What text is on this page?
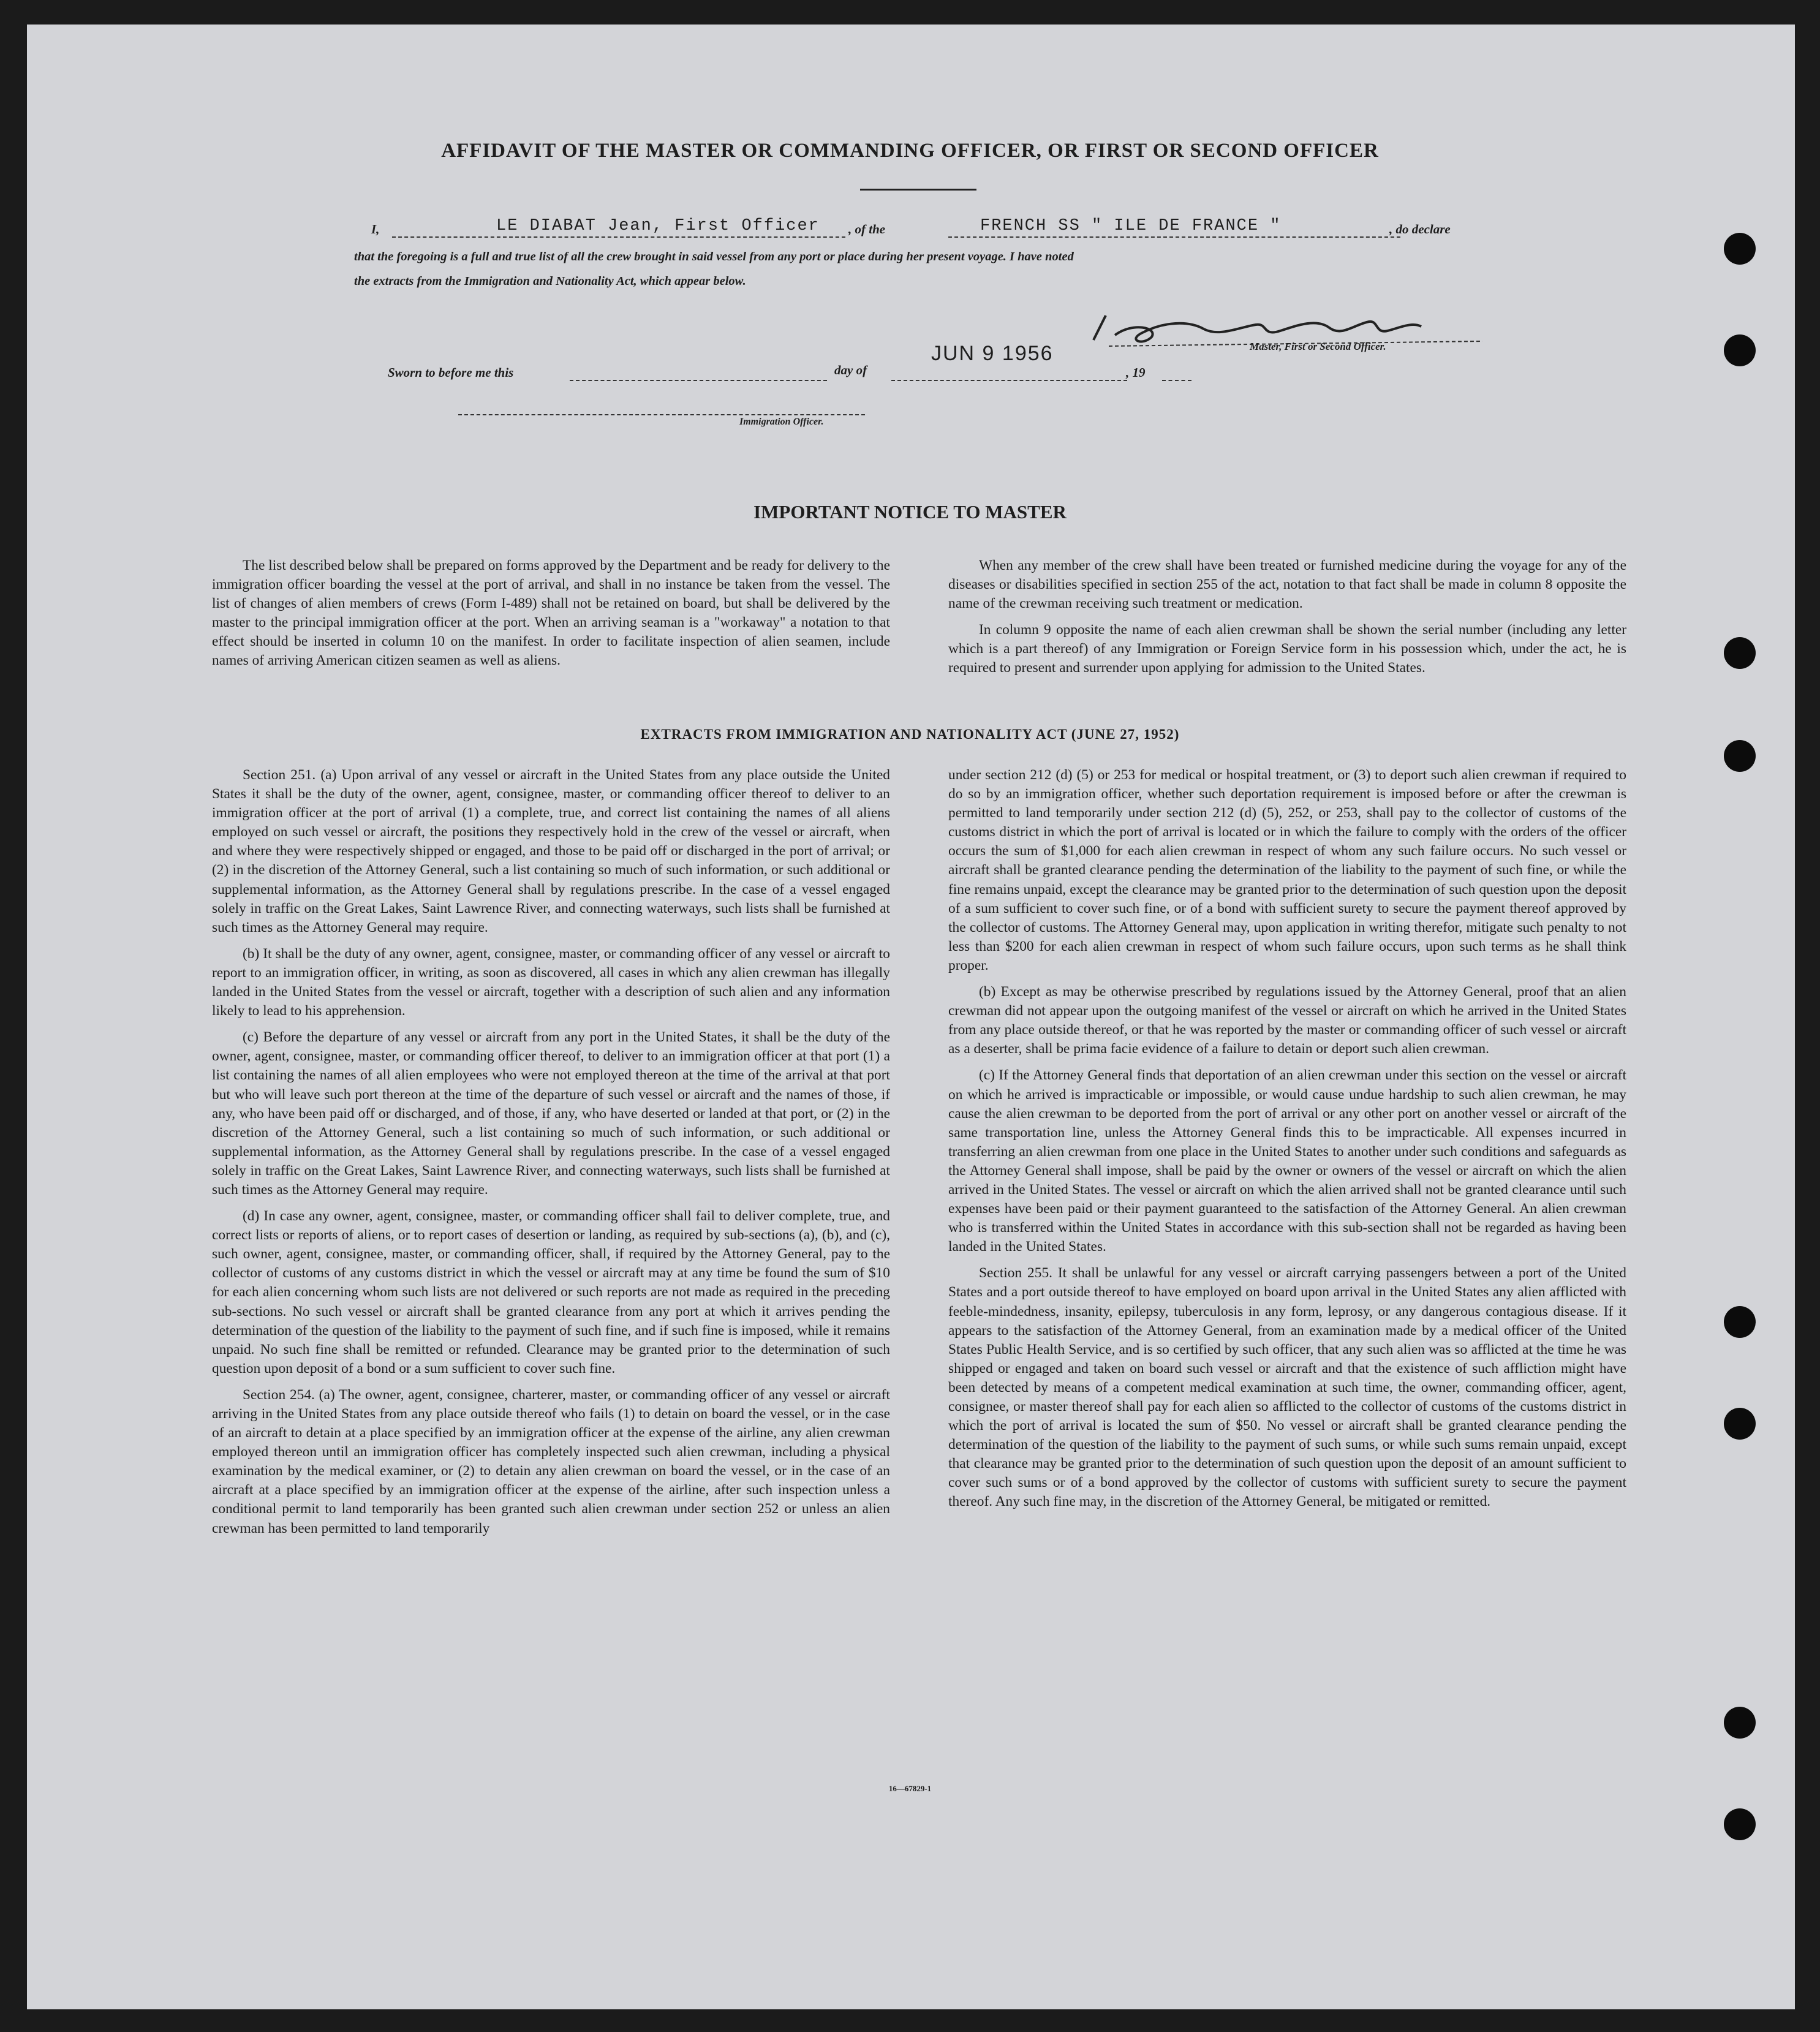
AFFIDAVIT OF THE MASTER OR COMMANDING OFFICER, OR FIRST OR SECOND OFFICER
I,	LE DIABAT Jean, First Officer , of the	FRENCH SS " ILE DE FRANCE "	, do declare
that the foregoing is a full and true list of all the crew brought in said vessel from any port or place during her present voyage. I have noted
the extracts from the Immigration and Nationality Act, which appear below.
Master, First or Second Officer.
Sworn to before me this	day of
JUN 9 1956
, 19
Immigration Officer.
IMPORTANT NOTICE TO MASTER

The list described below shall be prepared on forms approved by the Department and be ready for delivery to the immigration officer boarding the vessel at the port of arrival, and shall in no instance be taken from the vessel. The list of changes of alien members of crews (Form I-489) shall not be retained on board, but shall be delivered by the master to the principal immigration officer at the port. When an arriving seaman is a "workaway" a notation to that effect should be inserted in column 10 on the manifest. In order to facilitate inspection of alien seamen, include names of arriving American citizen seamen as well as aliens.

When any member of the crew shall have been treated or furnished medicine during the voyage for any of the diseases or disabilities specified in section 255 of the act, notation to that fact shall be made in column 8 opposite the name of the crewman receiving such treatment or medication.

In column 9 opposite the name of each alien crewman shall be shown the serial number (including any letter which is a part thereof) of any Immigration or Foreign Service form in his possession which, under the act, he is required to present and surrender upon applying for admission to the United States.

EXTRACTS FROM IMMIGRATION AND NATIONALITY ACT (JUNE 27, 1952)

Section 251. (a) Upon arrival of any vessel or aircraft in the United States from any place outside the United States it shall be the duty of the owner, agent, consignee, master, or commanding officer thereof to deliver to an immigration officer at the port of arrival (1) a complete, true, and correct list containing the names of all aliens employed on such vessel or aircraft, the positions they respectively hold in the crew of the vessel or aircraft, when and where they were respectively shipped or engaged, and those to be paid off or discharged in the port of arrival; or (2) in the discretion of the Attorney General, such a list containing so much of such information, or such additional or supplemental information, as the Attorney General shall by regulations prescribe. In the case of a vessel engaged solely in traffic on the Great Lakes, Saint Lawrence River, and connecting waterways, such lists shall be furnished at such times as the Attorney General may require.

(b) It shall be the duty of any owner, agent, consignee, master, or commanding officer of any vessel or aircraft to report to an immigration officer, in writing, as soon as discovered, all cases in which any alien crewman has illegally landed in the United States from the vessel or aircraft, together with a description of such alien and any information likely to lead to his apprehension.

(c) Before the departure of any vessel or aircraft from any port in the United States, it shall be the duty of the owner, agent, consignee, master, or commanding officer thereof, to deliver to an immigration officer at that port (1) a list containing the names of all alien employees who were not employed thereon at the time of the arrival at that port but who will leave such port thereon at the time of the departure of such vessel or aircraft and the names of those, if any, who have been paid off or discharged, and of those, if any, who have deserted or landed at that port, or (2) in the discretion of the Attorney General, such a list containing so much of such information, or such additional or supplemental information, as the Attorney General shall by regulations prescribe. In the case of a vessel engaged solely in traffic on the Great Lakes, Saint Lawrence River, and connecting waterways, such lists shall be furnished at such times as the Attorney General may require.

(d) In case any owner, agent, consignee, master, or commanding officer shall fail to deliver complete, true, and correct lists or reports of aliens, or to report cases of desertion or landing, as required by sub-sections (a), (b), and (c), such owner, agent, consignee, master, or commanding officer, shall, if required by the Attorney General, pay to the collector of customs of any customs district in which the vessel or aircraft may at any time be found the sum of $10 for each alien concerning whom such lists are not delivered or such reports are not made as required in the preceding sub-sections. No such vessel or aircraft shall be granted clearance from any port at which it arrives pending the determination of the question of the liability to the payment of such fine, and if such fine is imposed, while it remains unpaid. No such fine shall be remitted or refunded. Clearance may be granted prior to the determination of such question upon deposit of a bond or a sum sufficient to cover such fine.

Section 254. (a) The owner, agent, consignee, charterer, master, or commanding officer of any vessel or aircraft arriving in the United States from any place outside thereof who fails (1) to detain on board the vessel, or in the case of an aircraft to detain at a place specified by an immigration officer at the expense of the airline, any alien crewman employed thereon until an immigration officer has completely inspected such alien crewman, including a physical examination by the medical examiner, or (2) to detain any alien crewman on board the vessel, or in the case of an aircraft at a place specified by an immigration officer at the expense of the airline, after such inspection unless a conditional permit to land temporarily has been granted such alien crewman under section 252 or unless an alien crewman has been permitted to land temporarily

under section 212 (d) (5) or 253 for medical or hospital treatment, or (3) to deport such alien crewman if required to do so by an immigration officer, whether such deportation requirement is imposed before or after the crewman is permitted to land temporarily under section 212 (d) (5), 252, or 253, shall pay to the collector of customs of the customs district in which the port of arrival is located or in which the failure to comply with the orders of the officer occurs the sum of $1,000 for each alien crewman in respect of whom any such failure occurs. No such vessel or aircraft shall be granted clearance pending the determination of the liability to the payment of such fine, or while the fine remains unpaid, except the clearance may be granted prior to the determination of such question upon the deposit of a sum sufficient to cover such fine, or of a bond with sufficient surety to secure the payment thereof approved by the collector of customs. The Attorney General may, upon application in writing therefor, mitigate such penalty to not less than $200 for each alien crewman in respect of whom such failure occurs, upon such terms as he shall think proper.

(b) Except as may be otherwise prescribed by regulations issued by the Attorney General, proof that an alien crewman did not appear upon the outgoing manifest of the vessel or aircraft on which he arrived in the United States from any place outside thereof, or that he was reported by the master or commanding officer of such vessel or aircraft as a deserter, shall be prima facie evidence of a failure to detain or deport such alien crewman.

(c) If the Attorney General finds that deportation of an alien crewman under this section on the vessel or aircraft on which he arrived is impracticable or impossible, or would cause undue hardship to such alien crewman, he may cause the alien crewman to be deported from the port of arrival or any other port on another vessel or aircraft of the same transportation line, unless the Attorney General finds this to be impracticable. All expenses incurred in transferring an alien crewman from one place in the United States to another under such conditions and safeguards as the Attorney General shall impose, shall be paid by the owner or owners of the vessel or aircraft on which the alien arrived in the United States. The vessel or aircraft on which the alien arrived shall not be granted clearance until such expenses have been paid or their payment guaranteed to the satisfaction of the Attorney General. An alien crewman who is transferred within the United States in accordance with this sub-section shall not be regarded as having been landed in the United States.

Section 255. It shall be unlawful for any vessel or aircraft carrying passengers between a port of the United States and a port outside thereof to have employed on board upon arrival in the United States any alien afflicted with feeble-mindedness, insanity, epilepsy, tuberculosis in any form, leprosy, or any dangerous contagious disease. If it appears to the satisfaction of the Attorney General, from an examination made by a medical officer of the United States Public Health Service, and is so certified by such officer, that any such alien was so afflicted at the time he was shipped or engaged and taken on board such vessel or aircraft and that the existence of such affliction might have been detected by means of a competent medical examination at such time, the owner, commanding officer, agent, consignee, or master thereof shall pay for each alien so afflicted to the collector of customs of the customs district in which the port of arrival is located the sum of $50. No vessel or aircraft shall be granted clearance pending the determination of the question of the liability to the payment of such sums, or while such sums remain unpaid, except that clearance may be granted prior to the determination of such question upon the deposit of an amount sufficient to cover such sums or of a bond approved by the collector of customs with sufficient surety to secure the payment thereof. Any such fine may, in the discretion of the Attorney General, be mitigated or remitted.

16—67829-1
